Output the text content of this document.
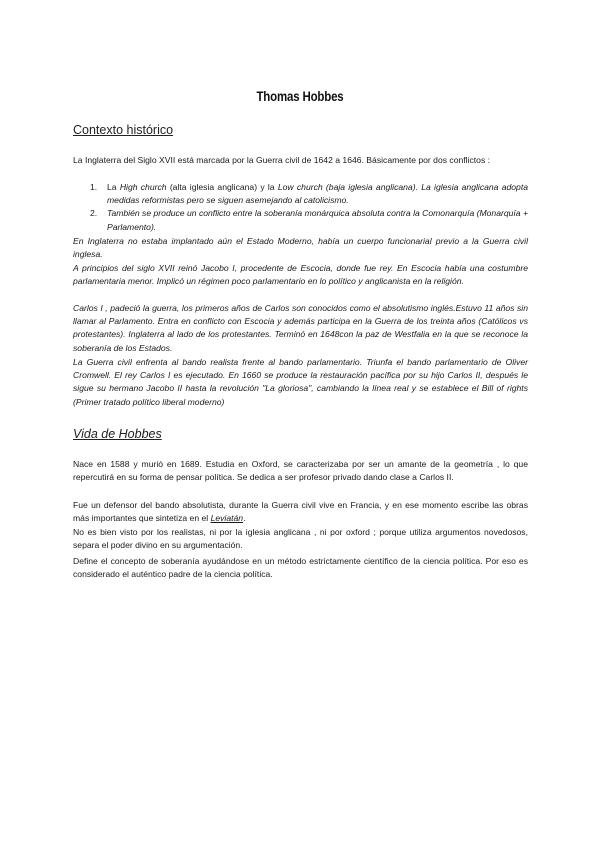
Thomas Hobbes
Contexto histórico
La Inglaterra del Siglo XVII está marcada por la Guerra civil de 1642 a 1646. Básicamente por dos conflictos :
1.	La High church (alta iglesia anglicana) y la Low church (baja iglesia anglicana). La iglesia anglicana adopta medidas reformistas pero se siguen asemejando al catolicismo.
2.	También se produce un conflicto entre la soberanía monárquica absoluta contra la Comonarquía (Monarquía + Parlamento).
En Inglaterra no estaba implantado aún el Estado Moderno, había un cuerpo funcionarial previo a la Guerra civil inglesa.
A principios del siglo XVII reinó Jacobo I, procedente de Escocia, donde fue rey. En Escocia había una costumbre parlamentaria menor. Implicó un régimen poco parlamentario en lo político y anglicanista en la religión.
Carlos I , padeció la guerra, los primeros años de Carlos son conocidos como el absolutismo inglés.Estuvo 11 años sin llamar al Parlamento. Entra en conflicto con Escocia y además participa en la Guerra de los treinta años (Católicos vs protestantes). Inglaterra al lado de los protestantes. Terminó en 1648con la paz de Westfalia en la que se reconoce la soberanía de los Estados.
La Guerra civil enfrenta al bando realista frente al bando parlamentario. Triunfa el bando parlamentario de Oliver Cromwell. El rey Carlos I es ejecutado. En 1660 se produce la restauración pacífica por su hijo Carlos II, después le sigue su hermano Jacobo II hasta la revolución "La gloriosa", cambiando la línea real y se establece el Bill of rights (Primer tratado político liberal moderno)
Vida de Hobbes
Nace en 1588 y murió en 1689. Estudia en Oxford, se caracterizaba por ser un amante de la geometría , lo que repercutirá en su forma de pensar política. Se dedica a ser profesor privado dando clase a Carlos II.
Fue un defensor del bando absolutista, durante la Guerra civil vive en Francia, y en ese momento escribe las obras más importantes que sintetiza en el Leviatán.
No es bien visto por los realistas, ni por la iglesia anglicana , ni por oxford ; porque utiliza argumentos novedosos, separa el poder divino en su argumentación.
Define el concepto de soberanía ayudándose en un método estrictamente científico de la ciencia política. Por eso es considerado el auténtico padre de la ciencia política.
